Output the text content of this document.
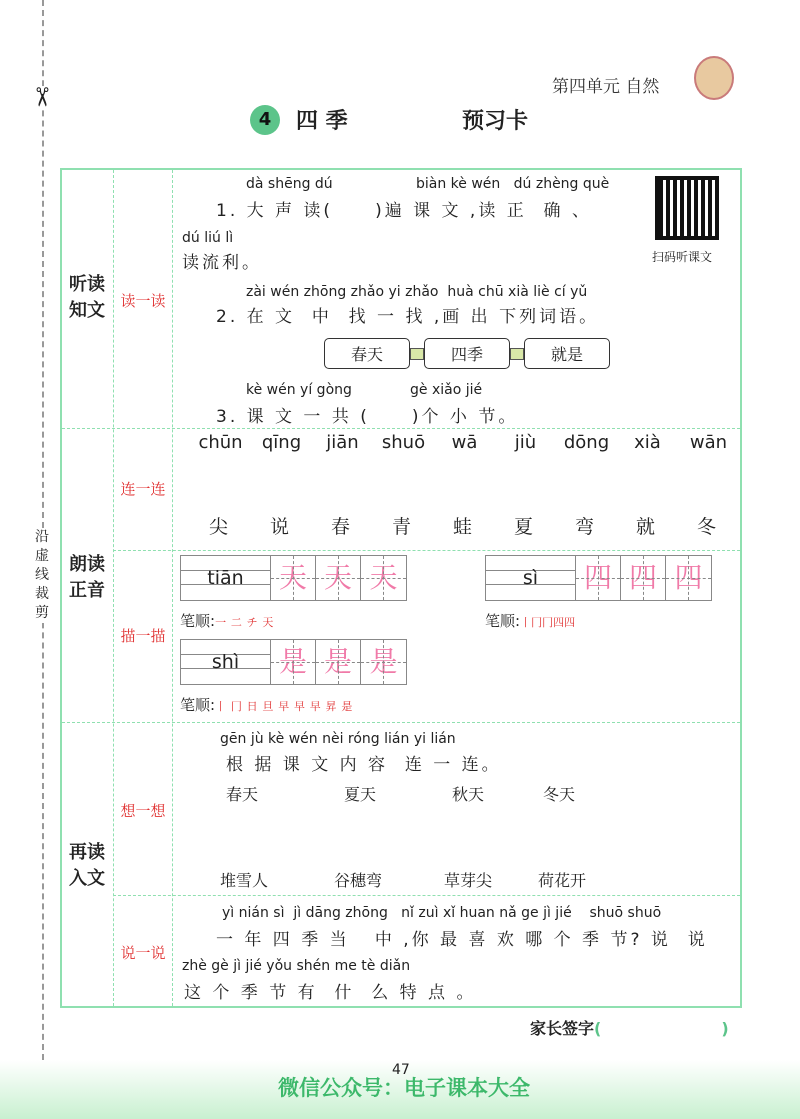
✂
沿虚线裁剪
第四单元 自然
4	四 季	预习卡
听读知文
朗读正音
再读入文
读一读
连一连
描一描
想一想
说一说
dà shēng dú	biàn kè wén   dú zhèng què
1. 大 声 读(     )遍 课 文 ,读 正  确 、
dú liú lì
读流利。	扫码听课文
zài wén zhōng zhǎo yi zhǎo  huà chū xià liè cí yǔ
2. 在 文  中  找 一 找 ,画 出 下列词语。
春天	四季	就是
kè wén yí gòng	gè xiǎo jié
3. 课 文 一 共 (     )个 小 节。
chūn qīng jiān shuō wā jiù dōng xià wān
尖 说 春 青 蛙 夏 弯 就 冬
tiān	天 天 天
笔顺:一 二 チ 天
sì	四 四 四
笔顺:丨冂冂四四
shì	是 是 是
笔顺:丨 冂 日 旦 早 早 早 昇 是
gēn jù kè wén nèi róng lián yi lián
根 据 课 文 内 容  连 一 连。
春天	夏天	秋天	冬天
堆雪人	谷穗弯	草芽尖	荷花开
yì nián sì  jì dāng zhōng   nǐ zuì xǐ huan nǎ ge jì jié    shuō shuō
一 年 四 季 当   中 ,你 最 喜 欢 哪 个 季 节? 说  说
zhè gè jì jié yǒu shén me tè diǎn
这 个 季 节 有  什  么 特 点 。
家长签字(	)
47
微信公众号：电子课本大全
